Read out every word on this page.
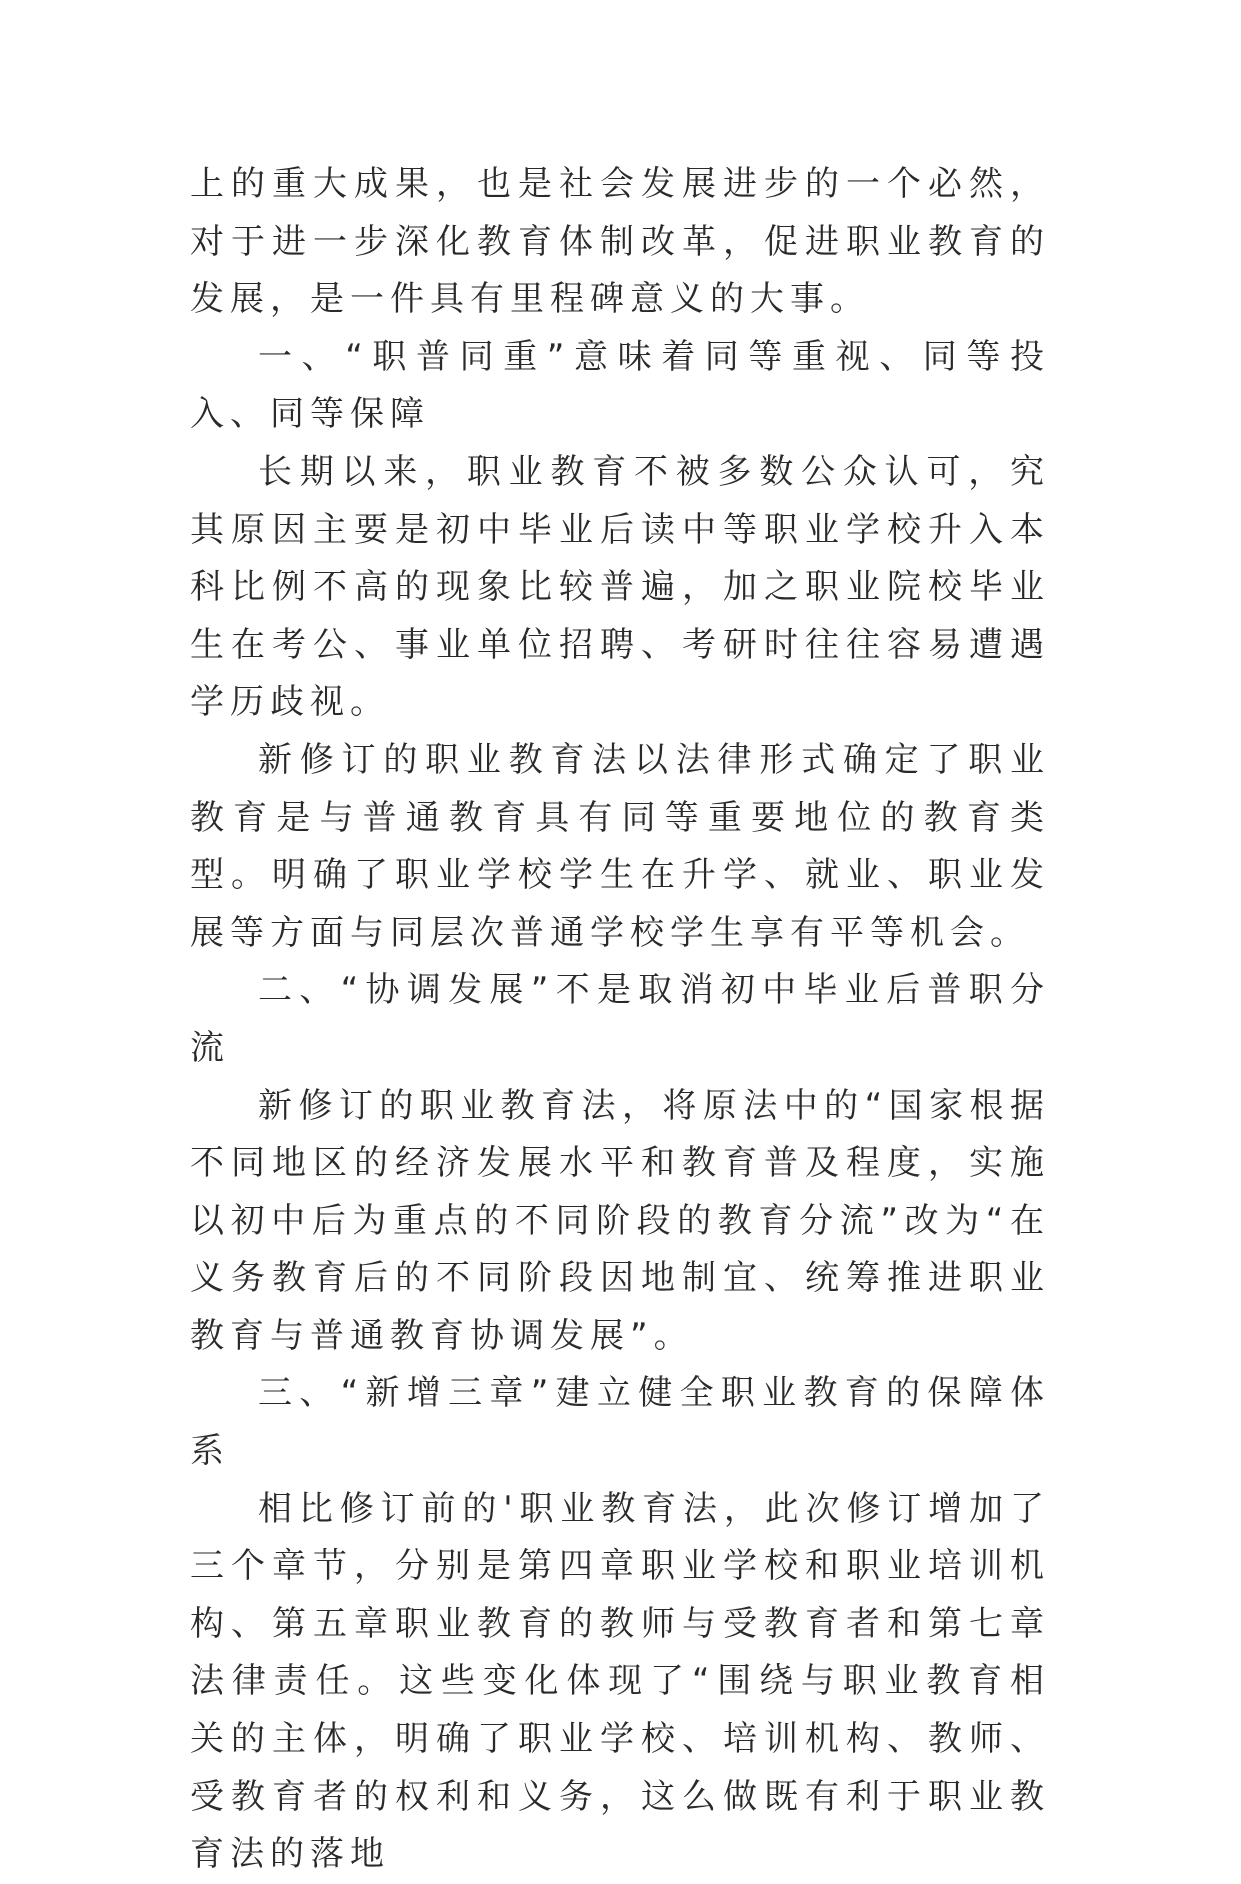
上的重大成果，也是社会发展进步的一个必然，对于进一步深化教育体制改革，促进职业教育的发展，是一件具有里程碑意义的大事。

一、“职普同重”意味着同等重视、同等投入、同等保障

长期以来，职业教育不被多数公众认可，究其原因主要是初中毕业后读中等职业学校升入本科比例不高的现象比较普遍，加之职业院校毕业生在考公、事业单位招聘、考研时往往容易遭遇学历歧视。

新修订的职业教育法以法律形式确定了职业教育是与普通教育具有同等重要地位的教育类型。明确了职业学校学生在升学、就业、职业发展等方面与同层次普通学校学生享有平等机会。

二、“协调发展”不是取消初中毕业后普职分流

新修订的职业教育法，将原法中的“国家根据不同地区的经济发展水平和教育普及程度，实施以初中后为重点的不同阶段的教育分流”改为“在义务教育后的不同阶段因地制宜、统筹推进职业教育与普通教育协调发展”。

三、“新增三章”建立健全职业教育的保障体系

相比修订前的'职业教育法，此次修订增加了三个章节，分别是第四章职业学校和职业培训机构、第五章职业教育的教师与受教育者和第七章法律责任。这些变化体现了“围绕与职业教育相关的主体，明确了职业学校、培训机构、教师、受教育者的权利和义务，这么做既有利于职业教育法的落地
